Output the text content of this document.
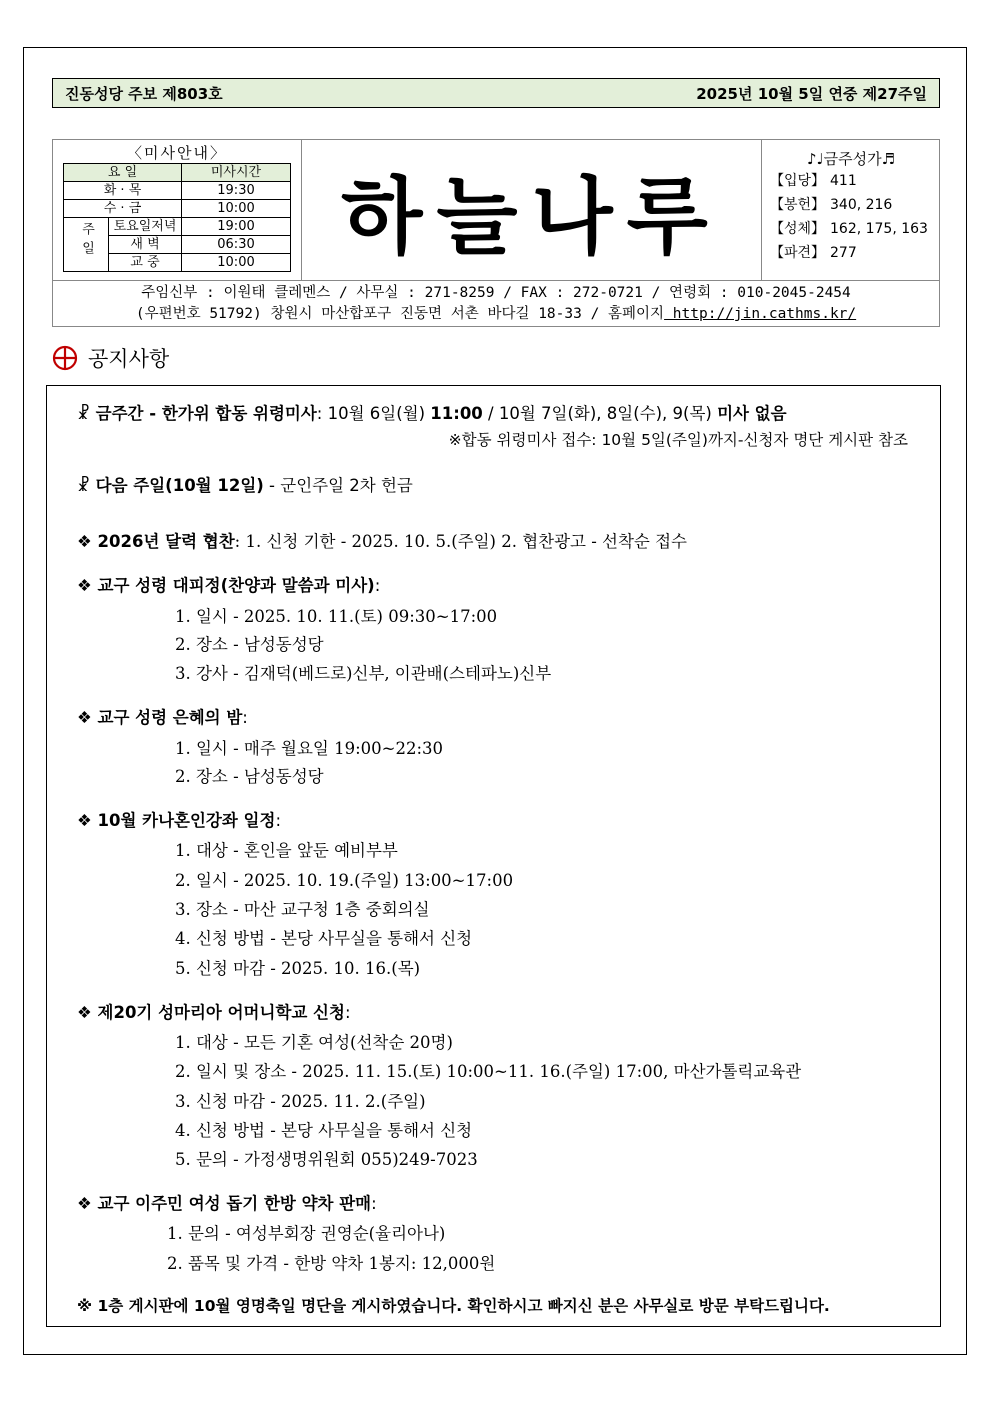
진동성당 주보 제803호	2025년 10월 5일 연중 제27주일
〈미사안내〉
요 일		미사시간
화 · 목		19:30
수 · 금		10:00
주일	토요일저녁	19:00
	새 벽	06:30
	교 중	10:00 하늘나루
♪♩금주성가♬
【입당】 411
【봉헌】 340, 216
【성체】 162, 175, 163
【파견】 277
주임신부 : 이원태 클레멘스 / 사무실 : 271-8259 / FAX : 272-0721 / 연령회 : 010-2045-2454
(우편번호 51792) 창원시 마산합포구 진동면 서촌 바다길 18-33 / 홈페이지 http://jin.cathms.kr/
공지사항
☧ 금주간 - 한가위 합동 위령미사: 10월 6일(월) 11:00 / 10월 7일(화), 8일(수), 9(목) 미사 없음
※합동 위령미사 접수: 10월 5일(주일)까지-신청자 명단 게시판 참조
☧ 다음 주일(10월 12일) - 군인주일 2차 헌금
❖ 2026년 달력 협찬: 1. 신청 기한 - 2025. 10. 5.(주일) 2. 협찬광고 - 선착순 접수
❖ 교구 성령 대피정(찬양과 말씀과 미사):
1. 일시 - 2025. 10. 11.(토) 09:30~17:00
2. 장소 - 남성동성당
3. 강사 - 김재덕(베드로)신부, 이관배(스테파노)신부
❖ 교구 성령 은혜의 밤:
1. 일시 - 매주 월요일 19:00~22:30
2. 장소 - 남성동성당
❖ 10월 카나혼인강좌 일정:
1. 대상 - 혼인을 앞둔 예비부부
2. 일시 - 2025. 10. 19.(주일) 13:00~17:00
3. 장소 - 마산 교구청 1층 중회의실
4. 신청 방법 - 본당 사무실을 통해서 신청
5. 신청 마감 - 2025. 10. 16.(목)
❖ 제20기 성마리아 어머니학교 신청:
1. 대상 - 모든 기혼 여성(선착순 20명)
2. 일시 및 장소 - 2025. 11. 15.(토) 10:00~11. 16.(주일) 17:00, 마산가톨릭교육관
3. 신청 마감 - 2025. 11. 2.(주일)
4. 신청 방법 - 본당 사무실을 통해서 신청
5. 문의 - 가정생명위원회 055)249-7023
❖ 교구 이주민 여성 돕기 한방 약차 판매:
1. 문의 - 여성부회장 권영순(율리아나)
2. 품목 및 가격 - 한방 약차 1봉지: 12,000원
※ 1층 게시판에 10월 영명축일 명단을 게시하였습니다. 확인하시고 빠지신 분은 사무실로 방문 부탁드립니다.
